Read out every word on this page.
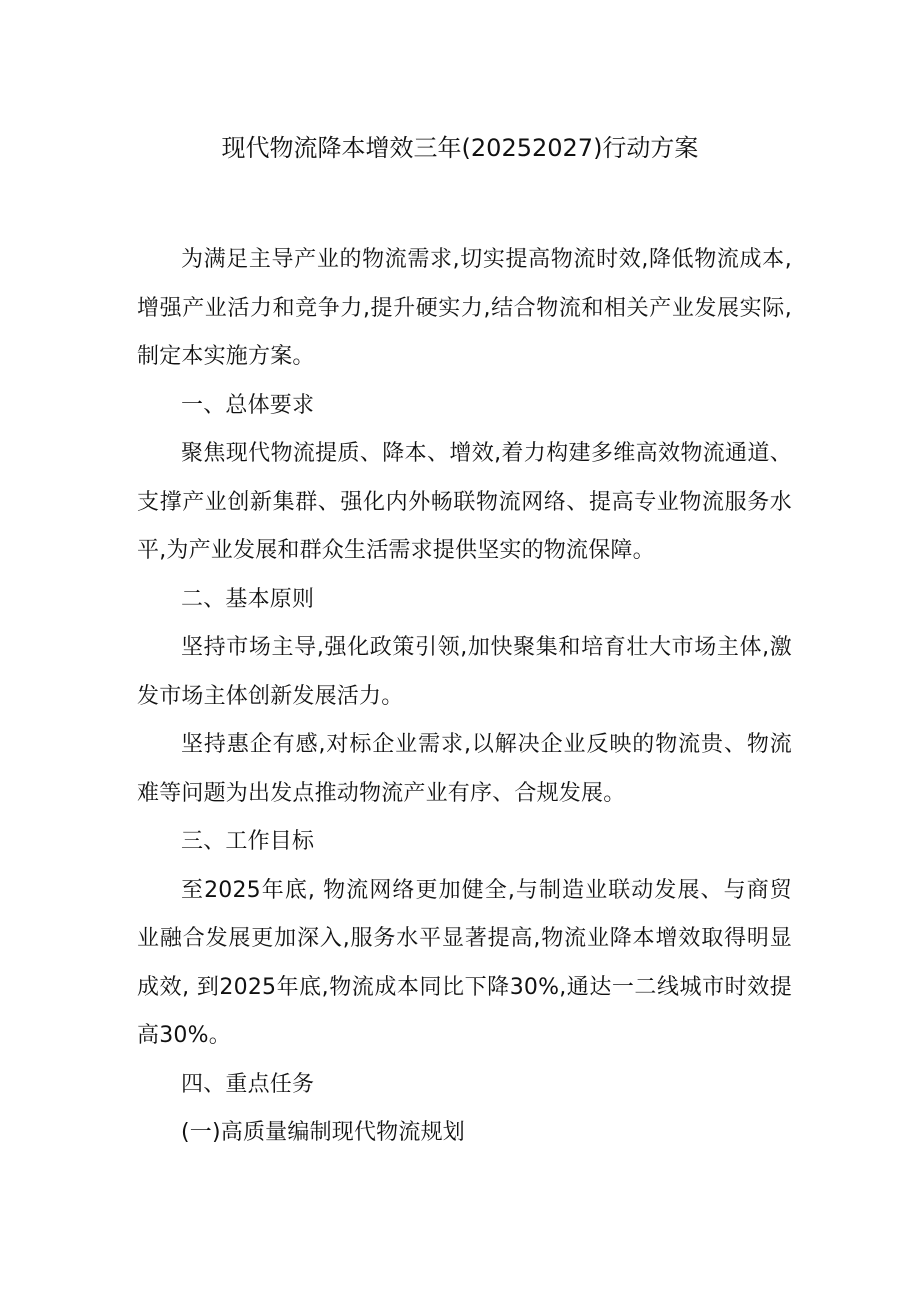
现代物流降本增效三年(20252027)行动方案

为满足主导产业的物流需求,切实提高物流时效,降低物流成本,增强产业活力和竞争力,提升硬实力,结合物流和相关产业发展实际,制定本实施方案。

一、总体要求

聚焦现代物流提质、降本、增效,着力构建多维高效物流通道、支撑产业创新集群、强化内外畅联物流网络、提高专业物流服务水平,为产业发展和群众生活需求提供坚实的物流保障。

二、基本原则

坚持市场主导,强化政策引领,加快聚集和培育壮大市场主体,激发市场主体创新发展活力。

坚持惠企有感,对标企业需求,以解决企业反映的物流贵、物流难等问题为出发点推动物流产业有序、合规发展。

三、工作目标

至2025年底, 物流网络更加健全,与制造业联动发展、与商贸业融合发展更加深入,服务水平显著提高,物流业降本增效取得明显成效, 到2025年底,物流成本同比下降30%,通达一二线城市时效提高30%。

四、重点任务

(一)高质量编制现代物流规划
